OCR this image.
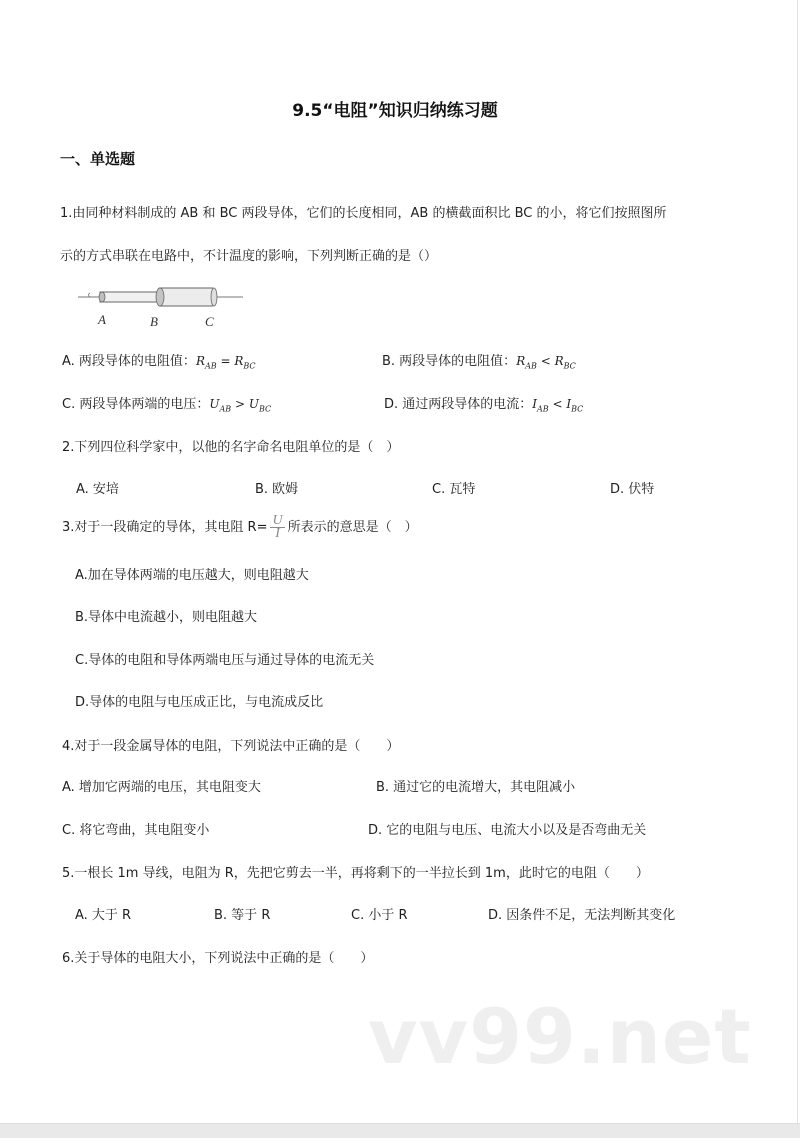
9.5“电阻”知识归纳练习题
一、单选题
1.由同种材料制成的 AB 和 BC 两段导体，它们的长度相同，AB 的横截面积比 BC 的小，将它们按照图所
示的方式串联在电路中，不计温度的影响，下列判断正确的是（）
A	B	C
A. 两段导体的电阻值：$R_{AB} = R_{BC}$	B. 两段导体的电阻值：$R_{AB} < R_{BC}$
C. 两段导体两端的电压：$U_{AB} > U_{BC}$	D. 通过两段导体的电流：$I_{AB} < I_{BC}$
2.下列四位科学家中，以他的名字命名电阻单位的是（　）
A. 安培	B. 欧姆	C. 瓦特	D. 伏特
3.对于一段确定的导体，其电阻 $R= \frac{U}{I}$ 所表示的意思是（　）
A.加在导体两端的电压越大，则电阻越大
B.导体中电流越小，则电阻越大
C.导体的电阻和导体两端电压与通过导体的电流无关
D.导体的电阻与电压成正比，与电流成反比
4.对于一段金属导体的电阻，下列说法中正确的是（　　）
A. 增加它两端的电压，其电阻变大	B. 通过它的电流增大，其电阻减小
C. 将它弯曲，其电阻变小	D. 它的电阻与电压、电流大小以及是否弯曲无关
5.一根长 1m 导线，电阻为 R，先把它剪去一半，再将剩下的一半拉长到 1m，此时它的电阻（　　）
A. 大于 R	B. 等于 R	C. 小于 R	D. 因条件不足，无法判断其变化
6.关于导体的电阻大小，下列说法中正确的是（　　）
vv99.net
